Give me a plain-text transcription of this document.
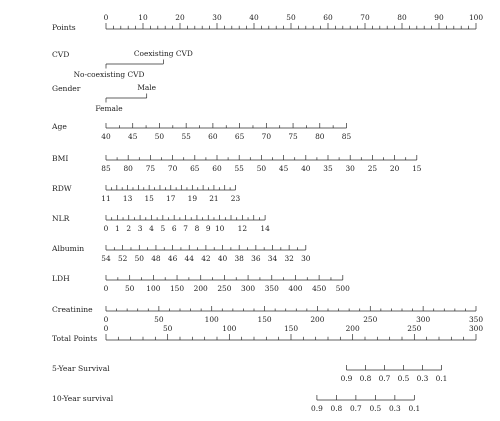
Points
0	10	20	30	40	50	60	70	80	90	100
CVD
No-coexisting CVD
Coexisting CVD
Gender
Female
Male
Age
40 45 50 55 60 65 70 75 80 85
BMI
85 80 75 70 65 60 55 50 45 40 35 30 25 20 15
RDW
11 13 15 17 19 21 23
NLR
0 1 2 3 4 5 6 7 8 9 10 12 14
Albumin
54 52 50 48 46 44 42 40 38 36 34 32 30
LDH
0 50 100 150 200 250 300 350 400 450 500
Creatinine
0	50	100	150	200	250	300	350
Total Points
0	50	100	150	200	250	300
5-Year Survival
0.9 0.8 0.7 0.5 0.3 0.1
10-Year survival
0.9 0.8 0.7 0.5 0.3 0.1
